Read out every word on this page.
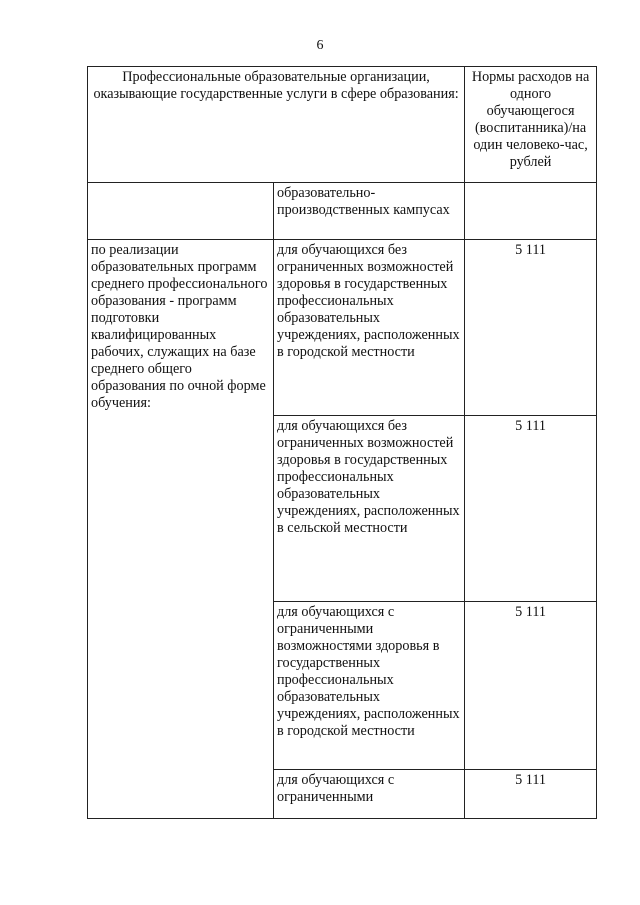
6
Профессиональные образовательные организации, оказывающие государственные услуги в сфере образования:		Нормы расходов на одного обучающегося (воспитанника)/на один человеко-час, рублей
	образовательно-производственных кампусах	
по реализации образовательных программ среднего профессионального образования - программ подготовки квалифицированных рабочих, служащих на базе среднего общего образования по очной форме обучения:	для обучающихся без ограниченных возможностей здоровья в государственных профессиональных образовательных учреждениях, расположенных в городской местности	5 111
	для обучающихся без ограниченных возможностей здоровья в государственных профессиональных образовательных учреждениях, расположенных в сельской местности	5 111
	для обучающихся с ограниченными возможностями здоровья в государственных профессиональных образовательных учреждениях, расположенных в городской местности	5 111
	для обучающихся с ограниченными	5 111
